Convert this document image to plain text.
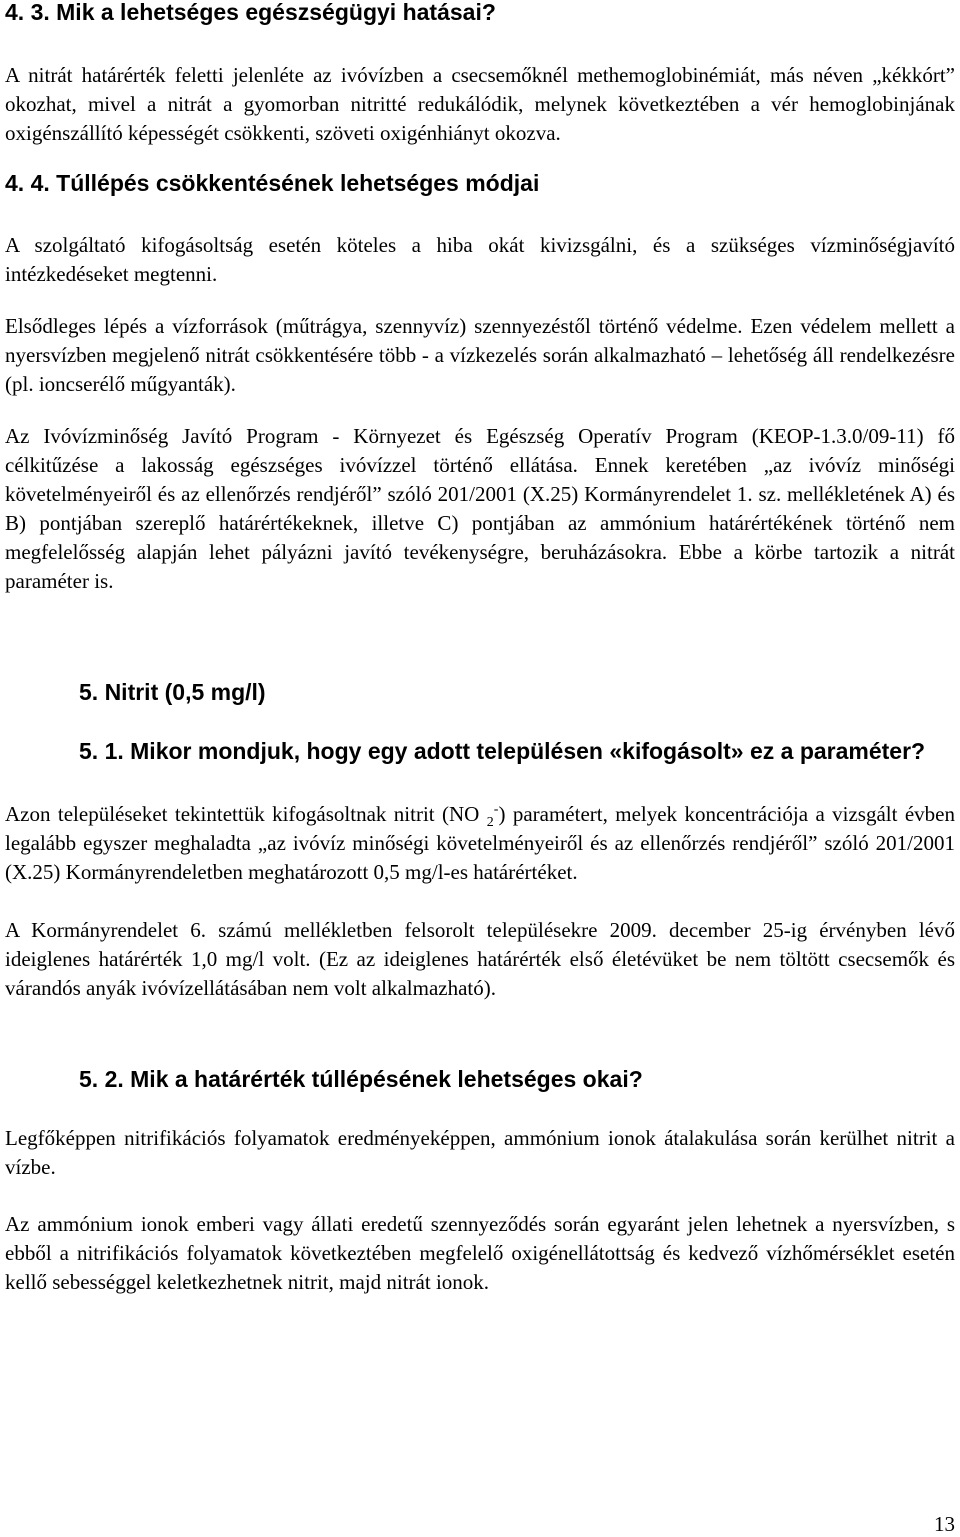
4. 3. Mik a lehetséges egészségügyi hatásai?

A nitrát határérték feletti jelenléte az ivóvízben a csecsemőknél methemoglobinémiát, más néven „kékkórt” okozhat, mivel a nitrát a gyomorban nitritté redukálódik, melynek következtében a vér hemoglobinjának oxigénszállító képességét csökkenti, szöveti oxigénhiányt okozva.

4. 4. Túllépés csökkentésének lehetséges módjai

A szolgáltató kifogásoltság esetén köteles a hiba okát kivizsgálni, és a szükséges vízminőségjavító intézkedéseket megtenni.

Elsődleges lépés a vízforrások (műtrágya, szennyvíz) szennyezéstől történő védelme. Ezen védelem mellett a nyersvízben megjelenő nitrát csökkentésére több - a vízkezelés során alkalmazható – lehetőség áll rendelkezésre (pl. ioncserélő műgyanták).

Az Ivóvízminőség Javító Program - Környezet és Egészség Operatív Program (KEOP-1.3.0/09-11) fő célkitűzése a lakosság egészséges ivóvízzel történő ellátása. Ennek keretében „az ivóvíz minőségi követelményeiről és az ellenőrzés rendjéről” szóló 201/2001 (X.25) Kormányrendelet 1. sz. mellékletének A) és B) pontjában szereplő határértékeknek, illetve C) pontjában az ammónium határértékének történő nem megfelelősség alapján lehet pályázni javító tevékenységre, beruházásokra. Ebbe a körbe tartozik a nitrát paraméter is.

5. Nitrit (0,5 mg/l)
5. 1. Mikor mondjuk, hogy egy adott településen «kifogásolt» ez a paraméter?

Azon településeket tekintettük kifogásoltnak nitrit (NO $_2$-) paramétert, melyek koncentrációja a vizsgált évben legalább egyszer meghaladta „az ivóvíz minőségi követelményeiről és az ellenőrzés rendjéről” szóló 201/2001 (X.25) Kormányrendeletben meghatározott 0,5 mg/l-es határértéket.

A Kormányrendelet 6. számú mellékletben felsorolt településekre 2009. december 25-ig érvényben lévő ideiglenes határérték 1,0 mg/l volt. (Ez az ideiglenes határérték első életévüket be nem töltött csecsemők és várandós anyák ivóvízellátásában nem volt alkalmazható).

5. 2. Mik a határérték túllépésének lehetséges okai?

Legfőképpen nitrifikációs folyamatok eredményeképpen, ammónium ionok átalakulása során kerülhet nitrit a vízbe.

Az ammónium ionok emberi vagy állati eredetű szennyeződés során egyaránt jelen lehetnek a nyersvízben, s ebből a nitrifikációs folyamatok következtében megfelelő oxigénellátottság és kedvező vízhőmérséklet esetén kellő sebességgel keletkezhetnek nitrit, majd nitrát ionok.

13
